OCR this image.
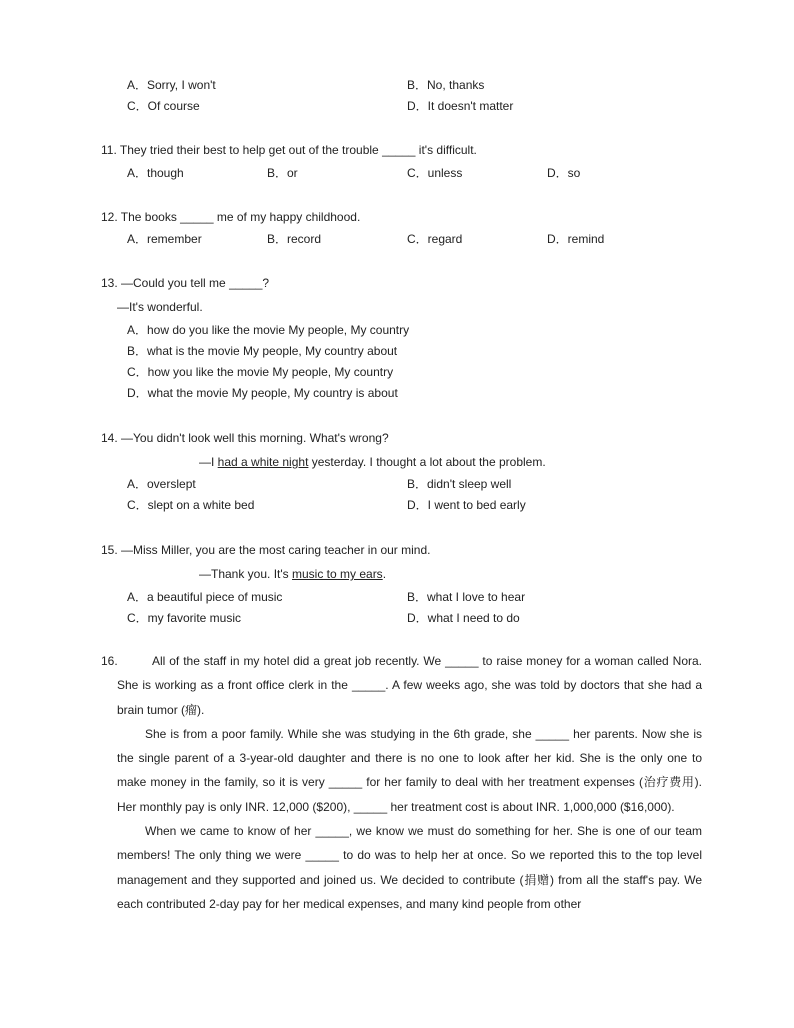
A．Sorry, I won't	B．No, thanks
C．Of course	D．It doesn't matter
11. They tried their best to help get out of the trouble _____ it's difficult.
A．though	B．or	C．unless	D．so
12. The books _____ me of my happy childhood.
A．remember	B．record	C．regard	D．remind
13. —Could you tell me _____?
—It's wonderful.
A．how do you like the movie My people, My country
B．what is the movie My people, My country about
C．how you like the movie My people, My country
D．what the movie My people, My country is about
14. —You didn't look well this morning. What's wrong?
—I had a white night yesterday. I thought a lot about the problem.
A．overslept	B．didn't sleep well
C．slept on a white bed	D．I went to bed early
15. —Miss Miller, you are the most caring teacher in our mind.
—Thank you. It's music to my ears.
A．a beautiful piece of music	B．what I love to hear
C．my favorite music	D．what I need to do
16.	All of the staff in my hotel did a great job recently. We _____ to raise money for a woman called Nora. She is working as a front office clerk in the _____. A few weeks ago, she was told by doctors that she had a brain tumor (瘤).

She is from a poor family. While she was studying in the 6th grade, she _____ her parents. Now she is the single parent of a 3-year-old daughter and there is no one to look after her kid. She is the only one to make money in the family, so it is very _____ for her family to deal with her treatment expenses (治疗费用). Her monthly pay is only INR. 12,000 ($200), _____ her treatment cost is about INR. 1,000,000 ($16,000).

When we came to know of her _____, we know we must do something for her. She is one of our team members! The only thing we were _____ to do was to help her at once. So we reported this to the top level management and they supported and joined us. We decided to contribute (捐赠) from all the staff's pay. We each contributed 2-day pay for her medical expenses, and many kind people from other
